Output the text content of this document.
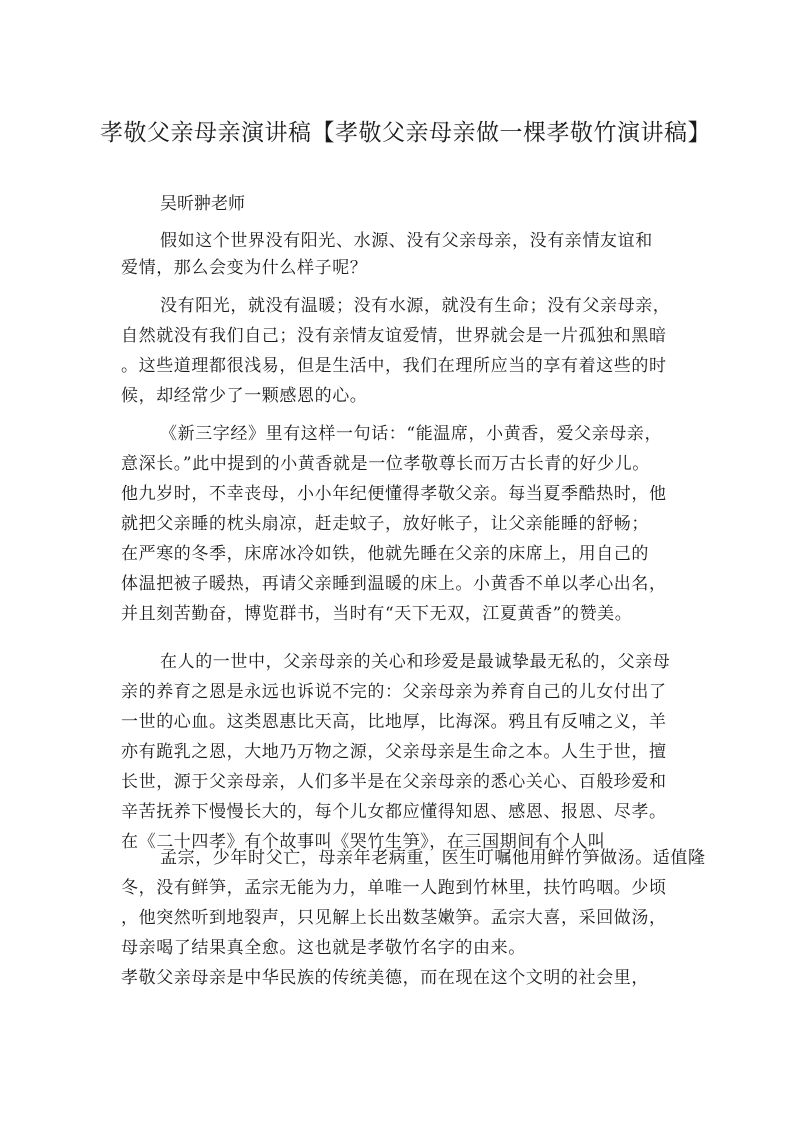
孝敬父亲母亲演讲稿【孝敬父亲母亲做一棵孝敬竹演讲稿】
吴昕翀老师
假如这个世界没有阳光、水源、没有父亲母亲，没有亲情友谊和
爱情，那么会变为什么样子呢？
没有阳光，就没有温暖；没有水源，就没有生命；没有父亲母亲，
自然就没有我们自己；没有亲情友谊爱情，世界就会是一片孤独和黑暗
。这些道理都很浅易，但是生活中，我们在理所应当的享有着这些的时
候，却经常少了一颗感恩的心。
《新三字经》里有这样一句话：“能温席，小黄香，爱父亲母亲，
意深长。”此中提到的小黄香就是一位孝敬尊长而万古长青的好少儿。
他九岁时，不幸丧母，小小年纪便懂得孝敬父亲。每当夏季酷热时，他
就把父亲睡的枕头扇凉，赶走蚊子，放好帐子，让父亲能睡的舒畅；
在严寒的冬季，床席冰冷如铁，他就先睡在父亲的床席上，用自己的
体温把被子暖热，再请父亲睡到温暖的床上。小黄香不单以孝心出名，
并且刻苦勤奋，博览群书，当时有“天下无双，江夏黄香”的赞美。
在人的一世中，父亲母亲的关心和珍爱是最诚挚最无私的，父亲母
亲的养育之恩是永远也诉说不完的：父亲母亲为养育自己的儿女付出了
一世的心血。这类恩惠比天高，比地厚，比海深。鸦且有反哺之义，羊
亦有跪乳之恩，大地乃万物之源，父亲母亲是生命之本。人生于世，擅
长世，源于父亲母亲，人们多半是在父亲母亲的悉心关心、百般珍爱和
辛苦抚养下慢慢长大的，每个儿女都应懂得知恩、感恩、报恩、尽孝。
在《二十四孝》有个故事叫《哭竹生笋》，在三国期间有个人叫
孟宗，少年时父亡，母亲年老病重，医生叮嘱他用鲜竹笋做汤。适值隆
冬，没有鲜笋，孟宗无能为力，单唯一人跑到竹林里，扶竹呜咽。少顷
，他突然听到地裂声，只见解上长出数茎嫩笋。孟宗大喜，采回做汤，
母亲喝了结果真全愈。这也就是孝敬竹名字的由来。
孝敬父亲母亲是中华民族的传统美德，而在现在这个文明的社会里，
